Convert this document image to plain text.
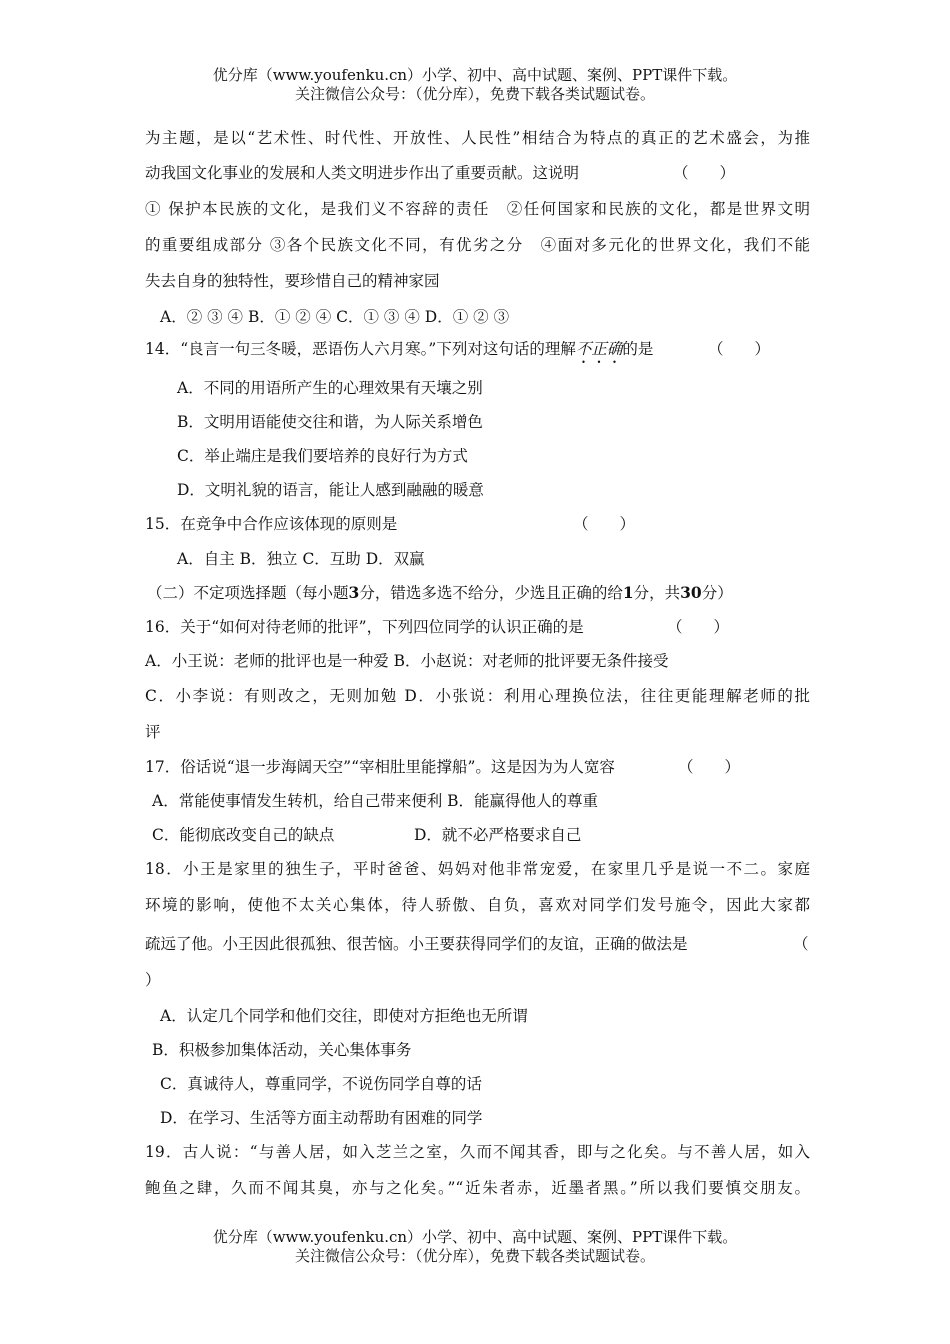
优分库（www.youfenku.cn）小学、初中、高中试题、案例、PPT课件下载。
关注微信公众号：（优分库），免费下载各类试题试卷。
为主题，是以“艺术性、时代性、开放性、人民性”相结合为特点的真正的艺术盛会，为推
动我国文化事业的发展和人类文明进步作出了重要贡献。这说明	（　　）
① 保护本民族的文化，是我们义不容辞的责任　②任何国家和民族的文化，都是世界文明
的重要组成部分 ③各个民族文化不同，有优劣之分　④面对多元化的世界文化，我们不能
失去自身的独特性，要珍惜自己的精神家园
A．② ③ ④ B．① ② ④ C．① ③ ④ D．① ② ③
14．“良言一句三冬暖，恶语伤人六月寒。”下列对这句话的理解不正确的是	（　　）
A．不同的用语所产生的心理效果有天壤之别
B．文明用语能使交往和谐，为人际关系增色
C．举止端庄是我们要培养的良好行为方式
D．文明礼貌的语言，能让人感到融融的暖意
15．在竞争中合作应该体现的原则是	（　　）
A．自主 B．独立 C．互助 D．双赢
（二）不定项选择题（每小题3分，错选多选不给分，少选且正确的给1分，共30分）
16．关于“如何对待老师的批评”，下列四位同学的认识正确的是	（　　）
A．小王说：老师的批评也是一种爱 B．小赵说：对老师的批评要无条件接受
C．小李说：有则改之，无则加勉 D．小张说：利用心理换位法，往往更能理解老师的批
评
17．俗话说“退一步海阔天空”“宰相肚里能撑船”。这是因为为人宽容	（　　）
A．常能使事情发生转机，给自己带来便利 B．能赢得他人的尊重
C．能彻底改变自己的缺点	D．就不必严格要求自己
18．小王是家里的独生子，平时爸爸、妈妈对他非常宠爱，在家里几乎是说一不二。家庭
环境的影响，使他不太关心集体，待人骄傲、自负，喜欢对同学们发号施令，因此大家都
疏远了他。小王因此很孤独、很苦恼。小王要获得同学们的友谊，正确的做法是	（
）
A．认定几个同学和他们交往，即使对方拒绝也无所谓
B．积极参加集体活动，关心集体事务
C．真诚待人，尊重同学，不说伤同学自尊的话
D．在学习、生活等方面主动帮助有困难的同学
19．古人说：“与善人居，如入芝兰之室，久而不闻其香，即与之化矣。与不善人居，如入
鲍鱼之肆，久而不闻其臭，亦与之化矣。”“近朱者赤，近墨者黑。”所以我们要慎交朋友。
优分库（www.youfenku.cn）小学、初中、高中试题、案例、PPT课件下载。
关注微信公众号：（优分库），免费下载各类试题试卷。
